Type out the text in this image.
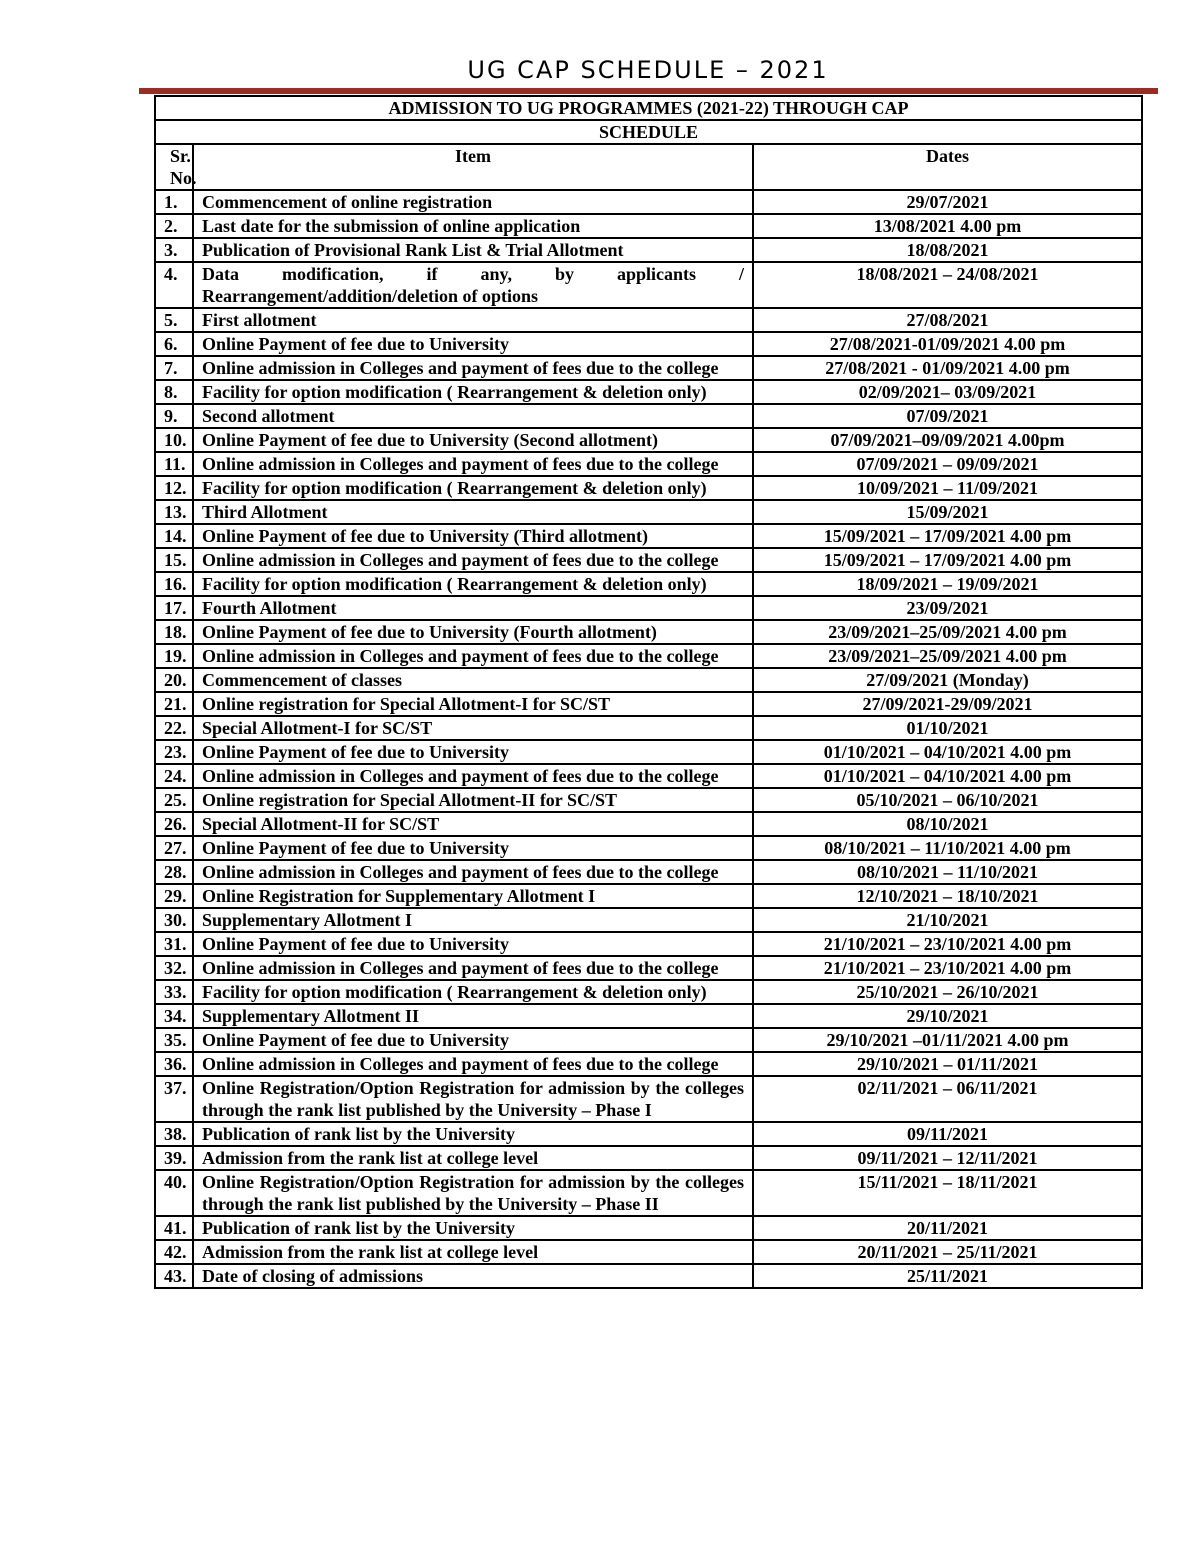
UG CAP SCHEDULE – 2021
ADMISSION TO UG PROGRAMMES (2021-22) THROUGH CAP		
SCHEDULE		
Sr. No.	Item	Dates
1.	Commencement of online registration	29/07/2021
2.	Last date for the submission of online application	13/08/2021 4.00 pm
3.	Publication of Provisional Rank List & Trial Allotment	18/08/2021
4.	Data modification, if any, by applicants / Rearrangement/addition/deletion of options	18/08/2021 – 24/08/2021
5.	First allotment	27/08/2021
6.	Online Payment of fee due to University	27/08/2021-01/09/2021 4.00 pm
7.	Online admission in Colleges and payment of fees due to the college	27/08/2021 - 01/09/2021 4.00 pm
8.	Facility for option modification ( Rearrangement & deletion only)	02/09/2021– 03/09/2021
9.	Second allotment	07/09/2021
10.	Online Payment of fee due to University (Second allotment)	07/09/2021–09/09/2021 4.00pm
11.	Online admission in Colleges and payment of fees due to the college	07/09/2021 – 09/09/2021
12.	Facility for option modification ( Rearrangement & deletion only)	10/09/2021 – 11/09/2021
13.	Third Allotment	15/09/2021
14.	Online Payment of fee due to University (Third allotment)	15/09/2021 – 17/09/2021 4.00 pm
15.	Online admission in Colleges and payment of fees due to the college	15/09/2021 – 17/09/2021 4.00 pm
16.	Facility for option modification ( Rearrangement & deletion only)	18/09/2021 – 19/09/2021
17.	Fourth Allotment	23/09/2021
18.	Online Payment of fee due to University (Fourth allotment)	23/09/2021–25/09/2021 4.00 pm
19.	Online admission in Colleges and payment of fees due to the college	23/09/2021–25/09/2021 4.00 pm
20.	Commencement of classes	27/09/2021 (Monday)
21.	Online registration for Special Allotment-I for SC/ST	27/09/2021-29/09/2021
22.	Special Allotment-I for SC/ST	01/10/2021
23.	Online Payment of fee due to University	01/10/2021 – 04/10/2021 4.00 pm
24.	Online admission in Colleges and payment of fees due to the college	01/10/2021 – 04/10/2021 4.00 pm
25.	Online registration for Special Allotment-II for SC/ST	05/10/2021 – 06/10/2021
26.	Special Allotment-II for SC/ST	08/10/2021
27.	Online Payment of fee due to University	08/10/2021 – 11/10/2021 4.00 pm
28.	Online admission in Colleges and payment of fees due to the college	08/10/2021 – 11/10/2021
29.	Online Registration for Supplementary Allotment I	12/10/2021 – 18/10/2021
30.	Supplementary Allotment I	21/10/2021
31.	Online Payment of fee due to University	21/10/2021 – 23/10/2021 4.00 pm
32.	Online admission in Colleges and payment of fees due to the college	21/10/2021 – 23/10/2021 4.00 pm
33.	Facility for option modification ( Rearrangement & deletion only)	25/10/2021 – 26/10/2021
34.	Supplementary Allotment II	29/10/2021
35.	Online Payment of fee due to University	29/10/2021 –01/11/2021 4.00 pm
36.	Online admission in Colleges and payment of fees due to the college	29/10/2021 – 01/11/2021
37.	Online Registration/Option Registration for admission by the colleges through the rank list published by the University – Phase I	02/11/2021 – 06/11/2021
38.	Publication of rank list by the University	09/11/2021
39.	Admission from the rank list at college level	09/11/2021 – 12/11/2021
40.	Online Registration/Option Registration for admission by the colleges through the rank list published by the University – Phase II	15/11/2021 – 18/11/2021
41.	Publication of rank list by the University	20/11/2021
42.	Admission from the rank list at college level	20/11/2021 – 25/11/2021
43.	Date of closing of admissions	25/11/2021
